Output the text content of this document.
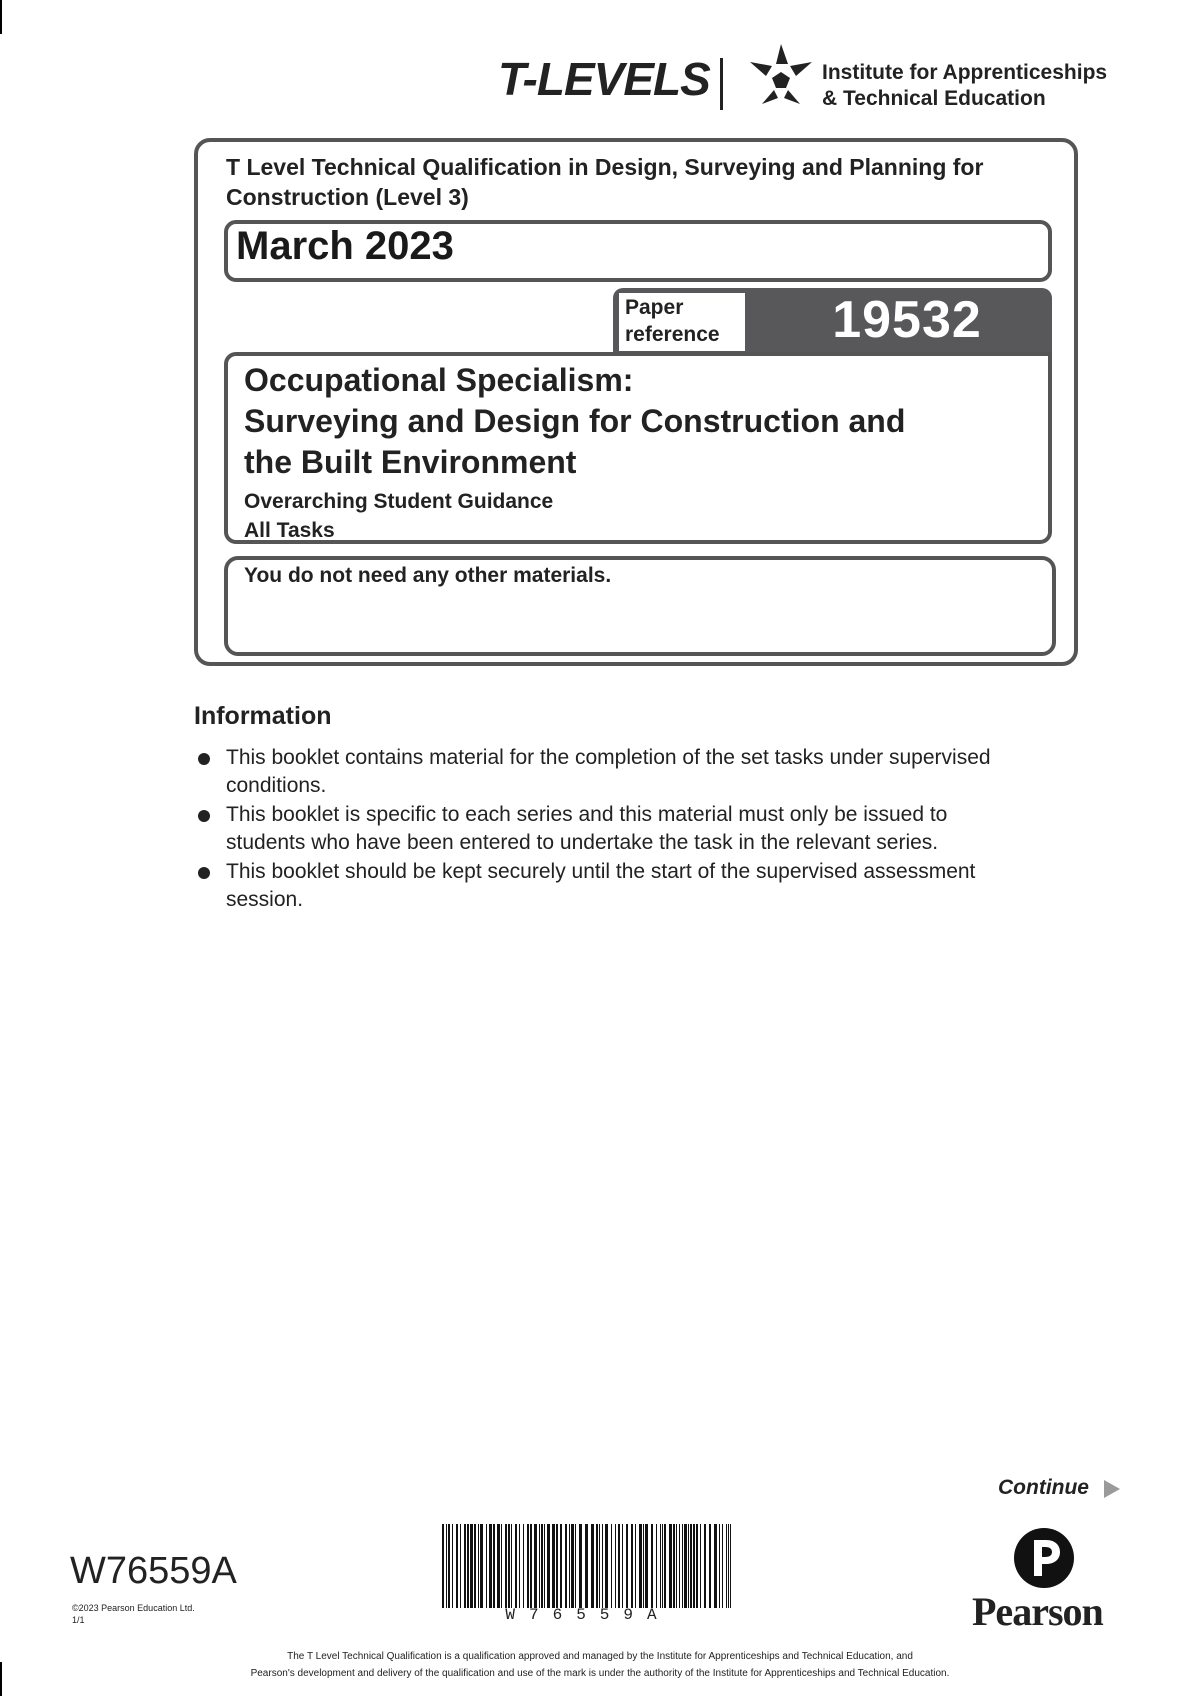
T-LEVELS	Institute for Apprenticeships
& Technical Education
T Level Technical Qualification in Design, Surveying and Planning for Construction (Level 3)
March 2023
Paper
reference	19532
Occupational Specialism:
Surveying and Design for Construction and
the Built Environment
Overarching Student Guidance
All Tasks
You do not need any other materials.
Information
This booklet contains material for the completion of the set tasks under supervised conditions.
This booklet is specific to each series and this material must only be issued to students who have been entered to undertake the task in the relevant series.
This booklet should be kept securely until the start of the supervised assessment session.
Continue
W76559A
©2023 Pearson Education Ltd.
1/1	W76559A	Pearson
The T Level Technical Qualification is a qualification approved and managed by the Institute for Apprenticeships and Technical Education, and
Pearson's development and delivery of the qualification and use of the mark is under the authority of the Institute for Apprenticeships and Technical Education.
